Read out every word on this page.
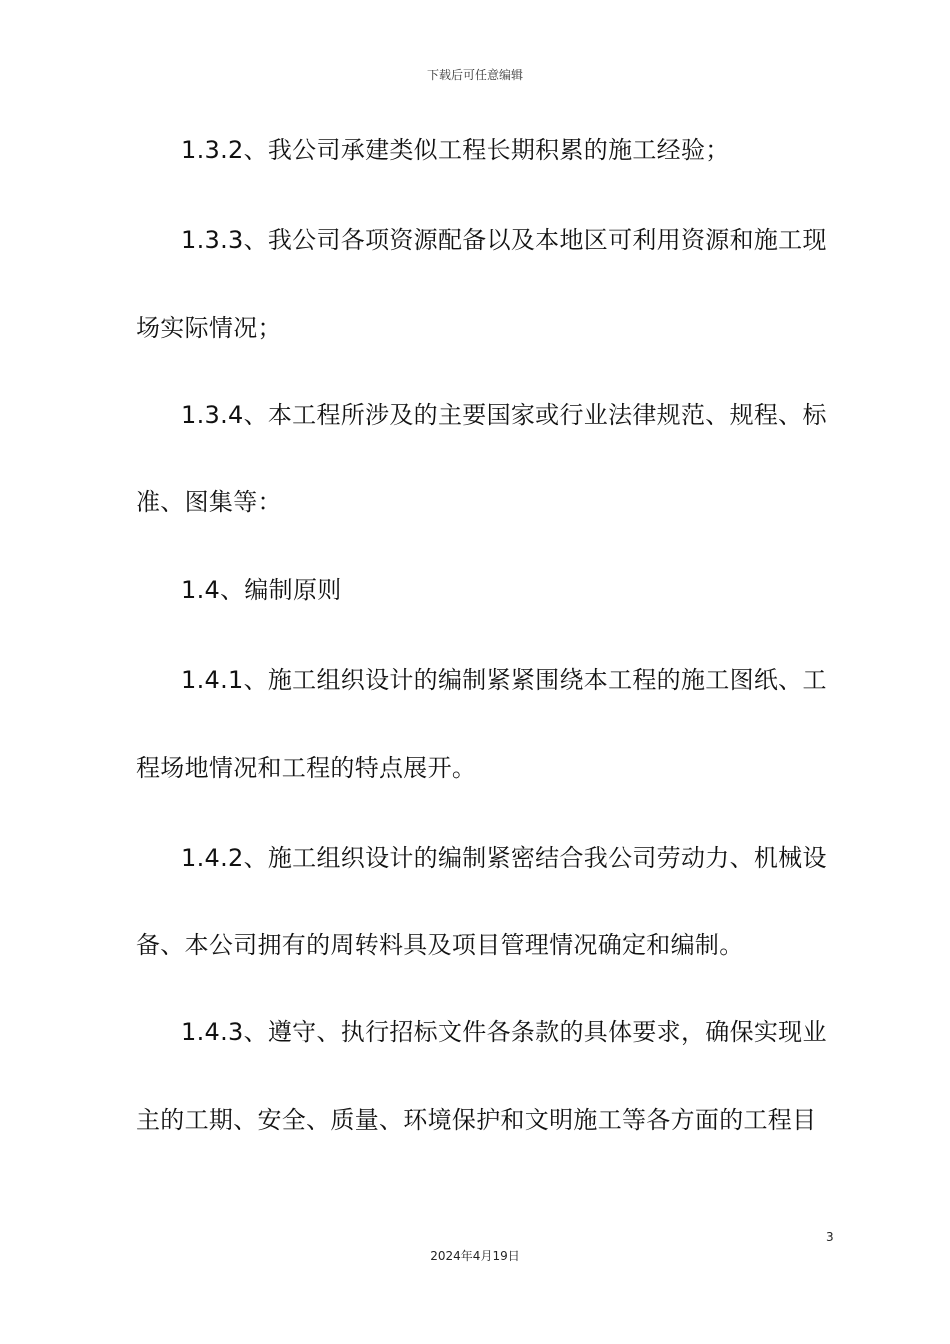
下载后可任意编辑
1.3.2、我公司承建类似工程长期积累的施工经验；
1.3.3、我公司各项资源配备以及本地区可利用资源和施工现
场实际情况；
1.3.4、本工程所涉及的主要国家或行业法律规范、规程、标
准、图集等：
1.4、编制原则
1.4.1、施工组织设计的编制紧紧围绕本工程的施工图纸、工
程场地情况和工程的特点展开。
1.4.2、施工组织设计的编制紧密结合我公司劳动力、机械设
备、本公司拥有的周转料具及项目管理情况确定和编制。
1.4.3、遵守、执行招标文件各条款的具体要求，确保实现业
主的工期、安全、质量、环境保护和文明施工等各方面的工程目
3
2024年4月19日
